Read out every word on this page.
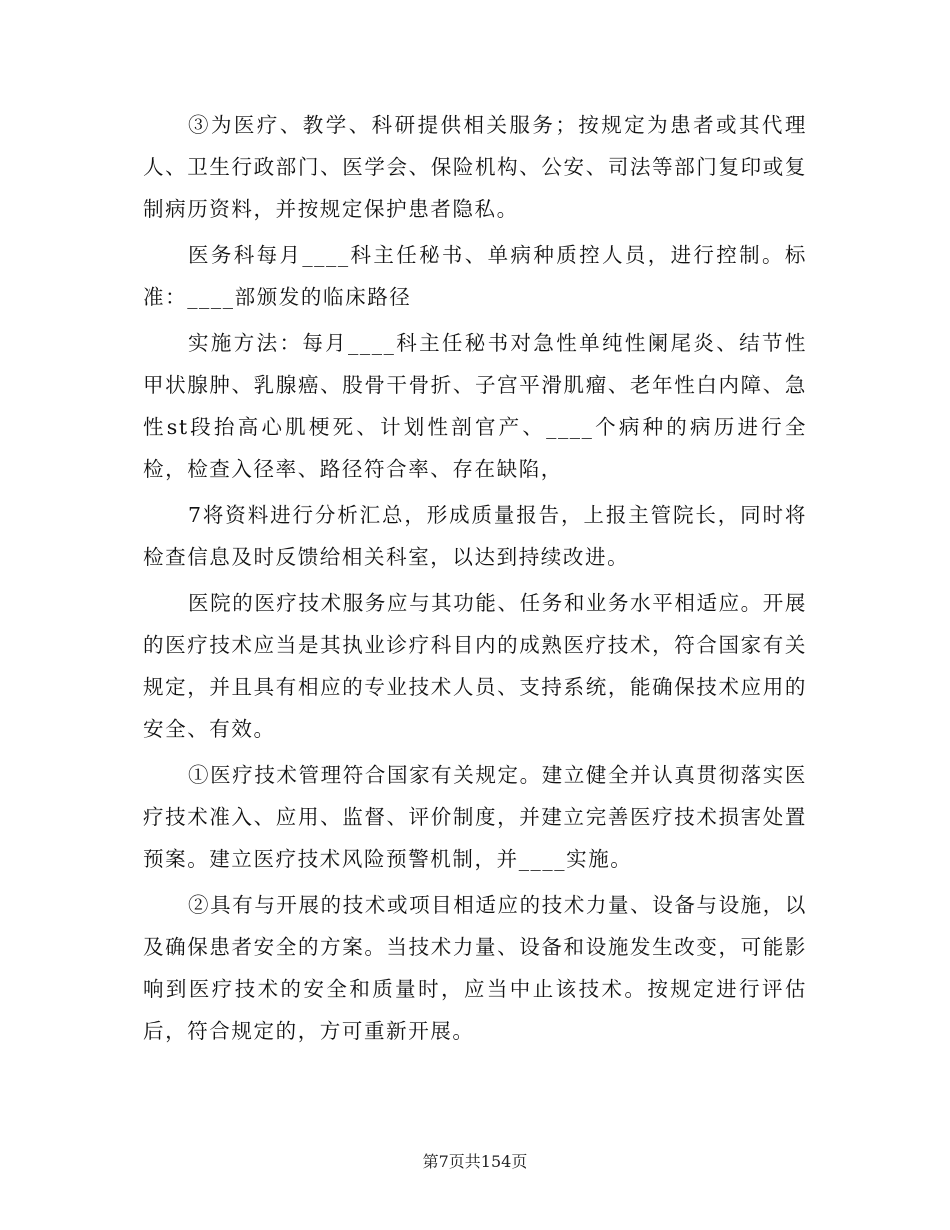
③为医疗、教学、科研提供相关服务；按规定为患者或其代理人、卫生行政部门、医学会、保险机构、公安、司法等部门复印或复制病历资料，并按规定保护患者隐私。

医务科每月____科主任秘书、单病种质控人员，进行控制。标准：____部颁发的临床路径

实施方法：每月____科主任秘书对急性单纯性阑尾炎、结节性甲状腺肿、乳腺癌、股骨干骨折、子宫平滑肌瘤、老年性白内障、急性st段抬高心肌梗死、计划性剖官产、____个病种的病历进行全检，检查入径率、路径符合率、存在缺陷，

7将资料进行分析汇总，形成质量报告，上报主管院长，同时将检查信息及时反馈给相关科室，以达到持续改进。

医院的医疗技术服务应与其功能、任务和业务水平相适应。开展的医疗技术应当是其执业诊疗科目内的成熟医疗技术，符合国家有关规定，并且具有相应的专业技术人员、支持系统，能确保技术应用的安全、有效。

①医疗技术管理符合国家有关规定。建立健全并认真贯彻落实医疗技术准入、应用、监督、评价制度，并建立完善医疗技术损害处置预案。建立医疗技术风险预警机制，并____实施。

②具有与开展的技术或项目相适应的技术力量、设备与设施，以及确保患者安全的方案。当技术力量、设备和设施发生改变，可能影响到医疗技术的安全和质量时，应当中止该技术。按规定进行评估后，符合规定的，方可重新开展。

第7页共154页
